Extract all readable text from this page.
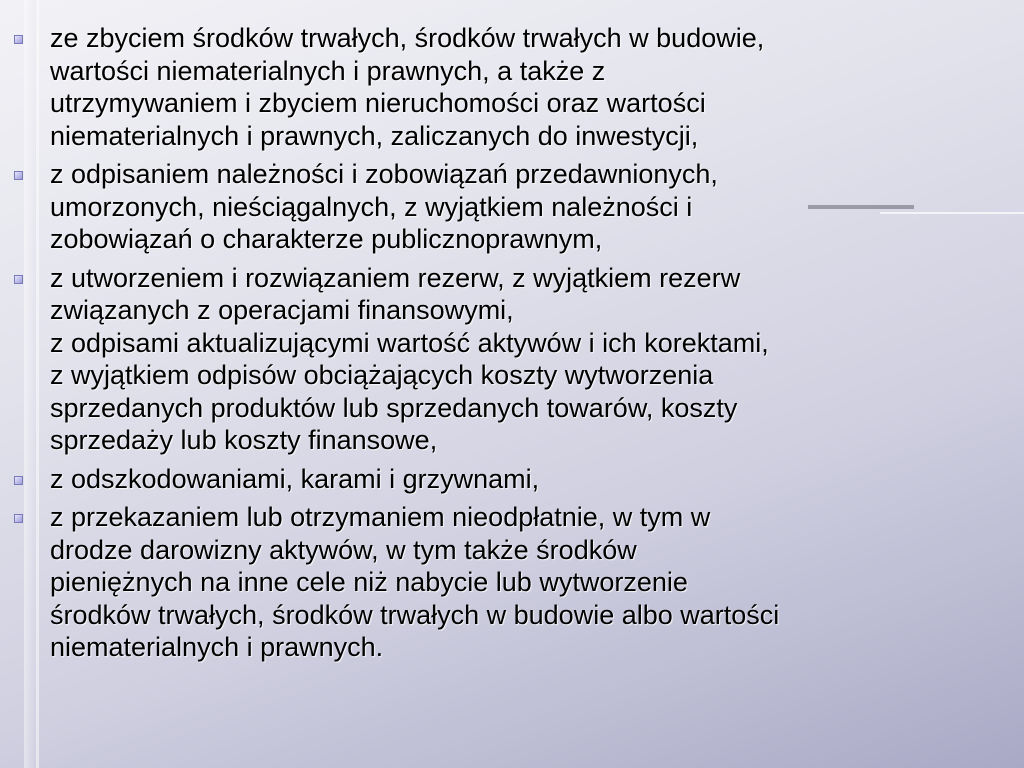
ze zbyciem środków trwałych, środków trwałych w budowie,
wartości niematerialnych i prawnych, a także z
utrzymywaniem i zbyciem nieruchomości oraz wartości
niematerialnych i prawnych, zaliczanych do inwestycji,
z odpisaniem należności i zobowiązań przedawnionych,
umorzonych, nieściągalnych, z wyjątkiem należności i
zobowiązań o charakterze publicznoprawnym,
z utworzeniem i rozwiązaniem rezerw, z wyjątkiem rezerw
związanych z operacjami finansowymi,
z odpisami aktualizującymi wartość aktywów i ich korektami,
z wyjątkiem odpisów obciążających koszty wytworzenia
sprzedanych produktów lub sprzedanych towarów, koszty
sprzedaży lub koszty finansowe,
z odszkodowaniami, karami i grzywnami,
z przekazaniem lub otrzymaniem nieodpłatnie, w tym w
drodze darowizny aktywów, w tym także środków
pieniężnych na inne cele niż nabycie lub wytworzenie
środków trwałych, środków trwałych w budowie albo wartości
niematerialnych i prawnych.
